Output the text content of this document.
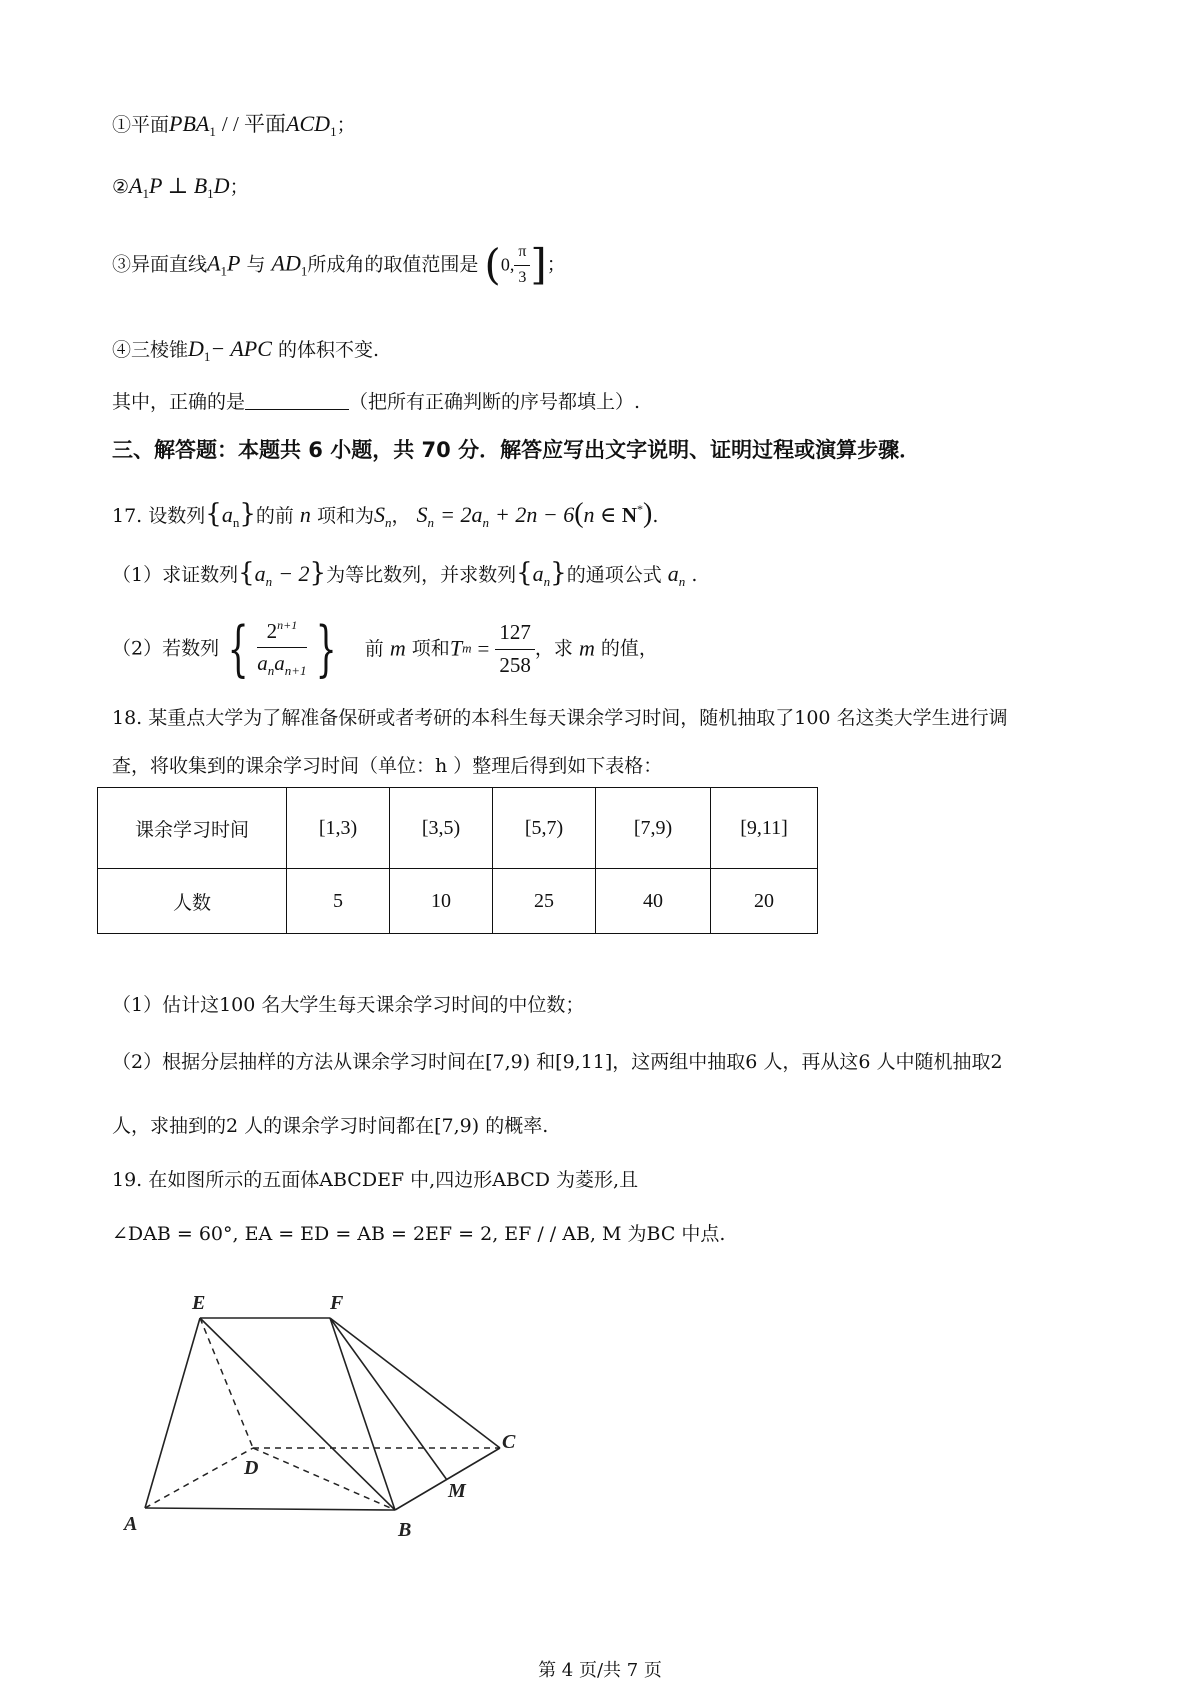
①平面$PBA_1$ / / 平面$ACD_1$；
$②A_1P$ ⊥ $B_1D$；
③异面直线$A_1P$ 与 $AD_1$所成角的取值范围是 (0, $\frac{\pi}{3}$ ]；
④三棱锥$D_1-$ APC 的体积不变.
其中，正确的是	（把所有正确判断的序号都填上）.
三、解答题：本题共 6 小题，共 70 分．解答应写出文字说明、证明过程或演算步骤．
17. 设数列$\{a_n\}$的前 n 项和为$S_n$， $S_n = 2a_n + 2n - 6(n$ ∈ N*).
（1）求证数列$\{a_n - 2\}$为等比数列，并求数列$\{a_n\}$的通项公式 $a_n$ .
（2）若数列 { $\frac{2^{n+1}}{a_na_{n+1}}$ } 前 m 项和$Tm = \frac{127}{258}$ ，求 m 的值，
18. 某重点大学为了解准备保研或者考研的本科生每天课余学习时间，随机抽取了100 名这类大学生进行调
查，将收集到的课余学习时间（单位：h ）整理后得到如下表格：
课余学习时间	[1,3)	[3,5)	[5,7)	[7,9)	[9,11]
人数	5	10	25	40	20
（1）估计这100 名大学生每天课余学习时间的中位数；
（2）根据分层抽样的方法从课余学习时间在[7,9) 和[9,11]，这两组中抽取6 人，再从这6 人中随机抽取2
人，求抽到的2 人的课余学习时间都在[7,9) 的概率.
19. 在如图所示的五面体ABCDEF 中,四边形ABCD 为菱形,且
∠DAB = 60°, EA = ED = AB = 2EF = 2, EF / / AB, M 为BC 中点.
E	F
A	B
C
D
M
第 4 页/共 7 页
